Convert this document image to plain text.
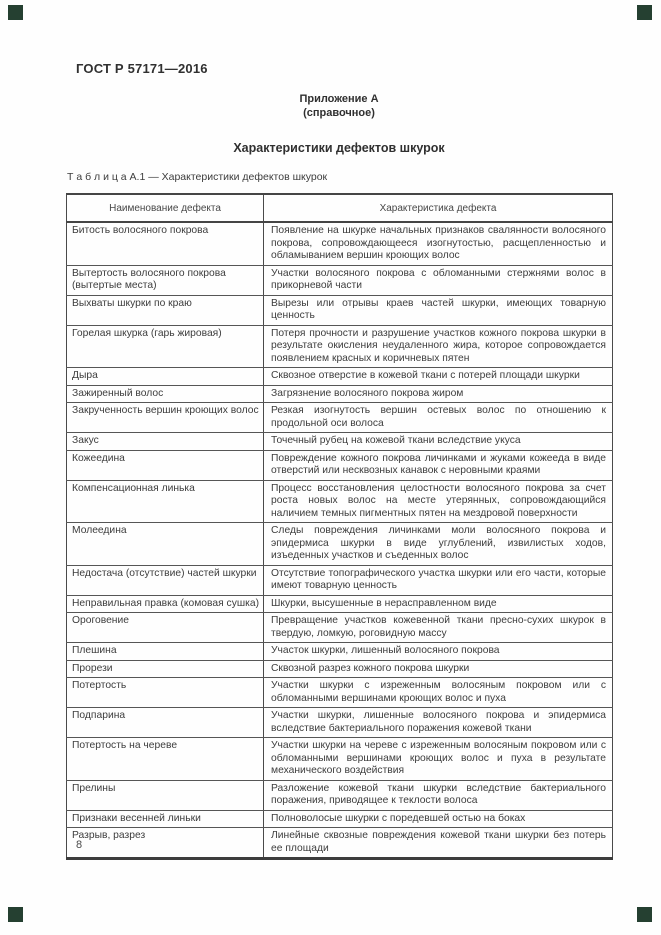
ГОСТ Р 57171—2016
Приложение А
(справочное)
Характеристики дефектов шкурок
Т а б л и ц а А.1 — Характеристики дефектов шкурок
Наименование дефекта	Характеристика дефекта
Битость волосяного покрова	Появление на шкурке начальных признаков свалянности волосяного покрова, сопровождающееся изогнутостью, расщепленностью и обламыванием вершин кроющих волос
Вытертость волосяного покрова (вытертые места)	Участки волосяного покрова с обломанными стержнями волос в прикорневой части
Выхваты шкурки по краю	Вырезы или отрывы краев частей шкурки, имеющих товарную ценность
Горелая шкурка (гарь жировая)	Потеря прочности и разрушение участков кожного покрова шкурки в результате окисления неудаленного жира, которое сопровождается появлением красных и коричневых пятен
Дыра	Сквозное отверстие в кожевой ткани с потерей площади шкурки
Зажиренный волос	Загрязнение волосяного покрова жиром
Закрученность вершин кроющих волос	Резкая изогнутость вершин остевых волос по отношению к продольной оси волоса
Закус	Точечный рубец на кожевой ткани вследствие укуса
Кожеедина	Повреждение кожного покрова личинками и жуками кожееда в виде отверстий или несквозных канавок с неровными краями
Компенсационная линька	Процесс восстановления целостности волосяного покрова за счет роста новых волос на месте утерянных, сопровождающийся наличием темных пигментных пятен на мездровой поверхности
Молеедина	Следы повреждения личинками моли волосяного покрова и эпидермиса шкурки в виде углублений, извилистых ходов, изъеденных участков и съеденных волос
Недостача (отсутствие) частей шкурки	Отсутствие топографического участка шкурки или его части, которые имеют товарную ценность
Неправильная правка (комовая сушка)	Шкурки, высушенные в нерасправленном виде
Ороговение	Превращение участков кожевенной ткани пресно-сухих шкурок в твердую, ломкую, роговидную массу
Плешина	Участок шкурки, лишенный волосяного покрова
Прорези	Сквозной разрез кожного покрова шкурки
Потертость	Участки шкурки с изреженным волосяным покровом или с обломанными вершинами кроющих волос и пуха
Подпарина	Участки шкурки, лишенные волосяного покрова и эпидермиса вследствие бактериального поражения кожевой ткани
Потертость на череве	Участки шкурки на череве с изреженным волосяным покровом или с обломанными вершинами кроющих волос и пуха в результате механического воздействия
Прелины	Разложение кожевой ткани шкурки вследствие бактериального поражения, приводящее к теклости волоса
Признаки весенней линьки	Полноволосые шкурки с поредевшей остью на боках
Разрыв, разрез	Линейные сквозные повреждения кожевой ткани шкурки без потерь ее площади
8
